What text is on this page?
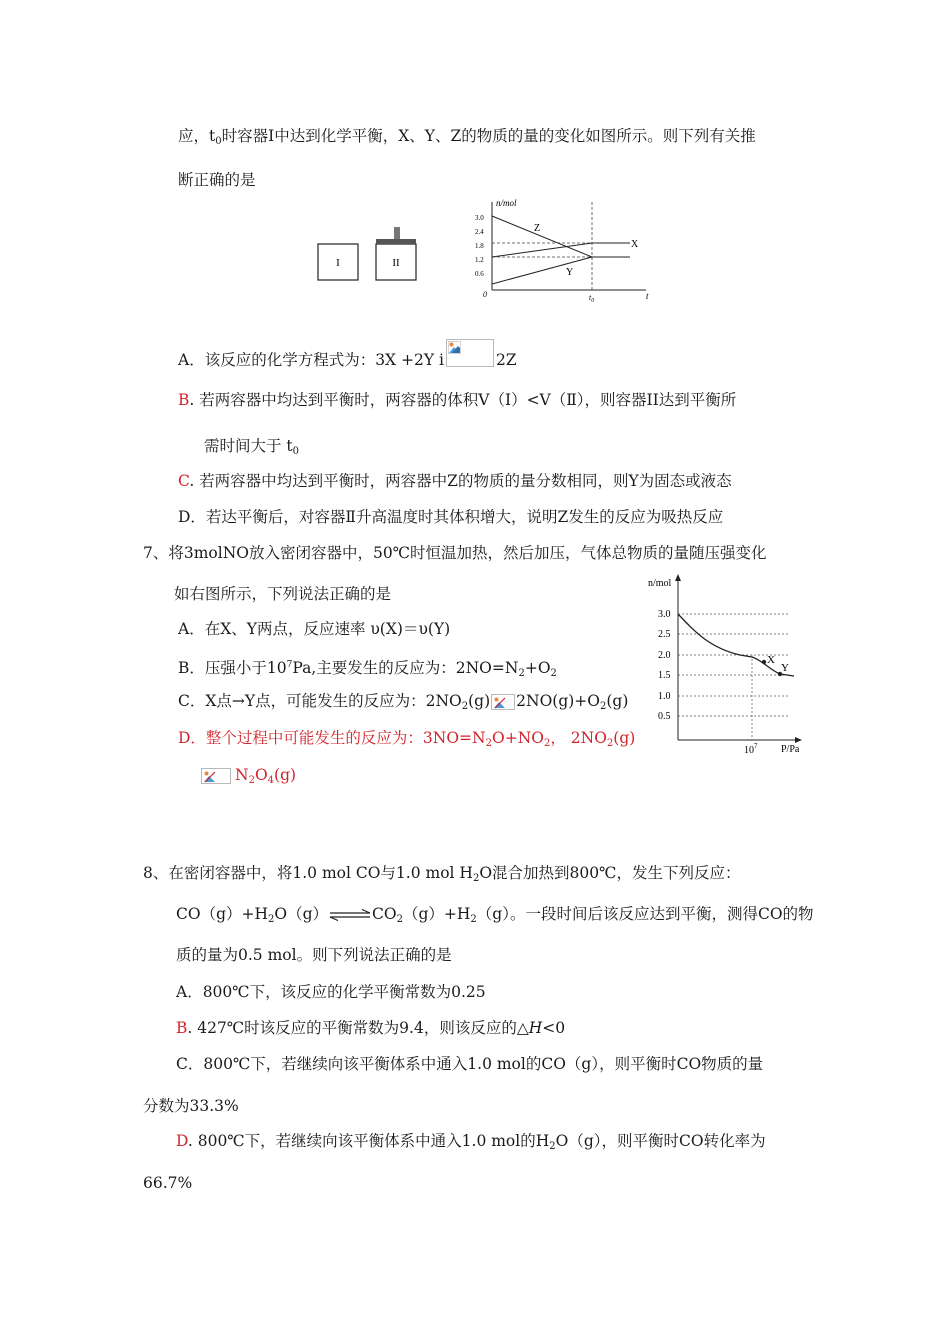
应，$t_0$时容器Ⅰ中达到化学平衡，X、Y、Z的物质的量的变化如图所示。则下列有关推
断正确的是
I	II
n/mol
3.0
2.4
1.8
1.2
0.6
0	t
Z
X
Y
$t_0$
A．该反应的化学方程式为：3X +2Y i	2Z
B. 若两容器中均达到平衡时，两容器的体积V（Ⅰ）<V（Ⅱ），则容器II达到平衡所
需时间大于 $t_0$
C. 若两容器中均达到平衡时，两容器中Z的物质的量分数相同，则Y为固态或液态
D．若达平衡后，对容器Ⅱ升高温度时其体积增大，说明Z发生的反应为吸热反应
7、将3molNO放入密闭容器中，50℃时恒温加热，然后加压，气体总物质的量随压强变化
如右图所示，下列说法正确的是
A．在X、Y两点，反应速率 υ(X)＝υ(Y)
B．压强小于$10^7Pa$,主要发生的反应为：$2NO=N_2+O_2$
C．X点→Y点，可能发生的反应为：$2NO_2(g)$ $2NO(g)+O_2(g)$
D．整个过程中可能发生的反应为：$3NO=N_2O+NO_2$， $2NO_2(g)$
$N_2O_4(g)$
n/mol
3.0
2.5
2.0
1.5
1.0
0.5
X
Y
$10^7$ P/Pa
8、在密闭容器中，将1.0 mol CO与1.0 mol $H_2O$混合加热到800℃，发生下列反应：
$CO(g)+H_2O(g)\rightleftharpoons CO_2(g)+H_2(g)$。一段时间后该反应达到平衡，测得CO的物
质的量为0.5 mol。则下列说法正确的是
A．800℃下，该反应的化学平衡常数为0.25
B. 427℃时该反应的平衡常数为9.4，则该反应的△H<0
C．800℃下，若继续向该平衡体系中通入1.0 mol的CO（g），则平衡时CO物质的量
分数为33.3%
D. 800℃下，若继续向该平衡体系中通入1.0 mol的$H_2O(g)$，则平衡时CO转化率为
66.7%
